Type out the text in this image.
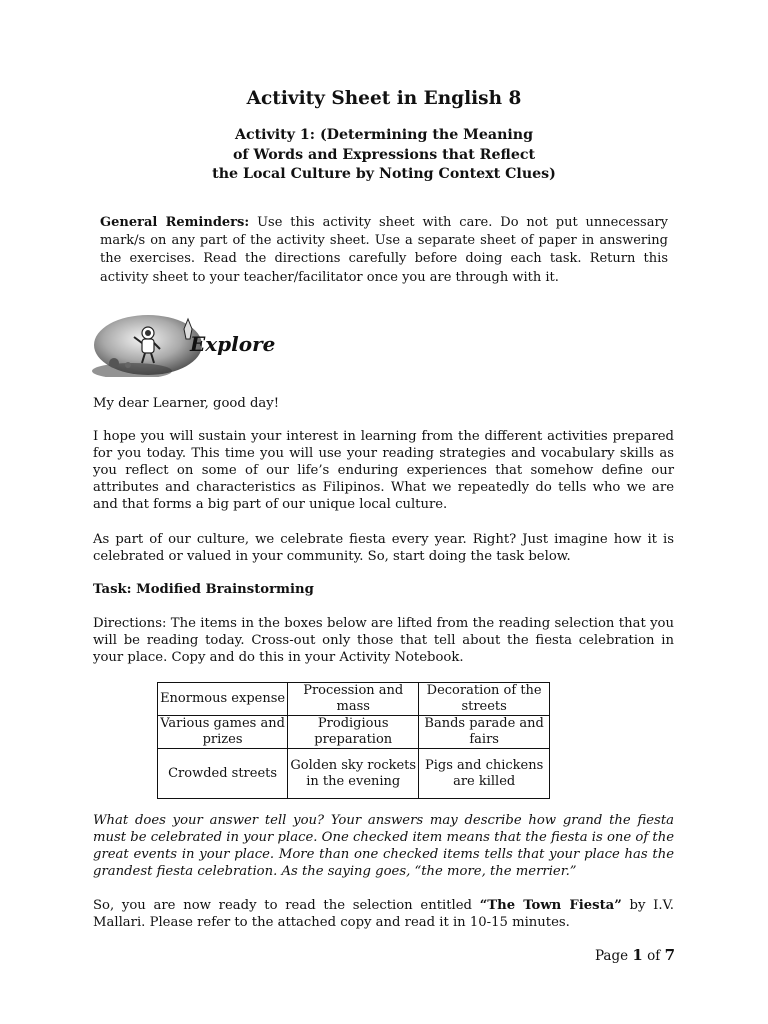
Activity Sheet in English 8
Activity 1: (Determining the Meaning
of Words and Expressions that Reflect
the Local Culture by Noting Context Clues)

General Reminders: Use this activity sheet with care. Do not put unnecessary mark/s on any part of the activity sheet. Use a separate sheet of paper in answering the exercises. Read the directions carefully before doing each task. Return this activity sheet to your teacher/facilitator once you are through with it.

Explore

My dear Learner, good day!

I hope you will sustain your interest in learning from the different activities prepared for you today. This time you will use your reading strategies and vocabulary skills as you reflect on some of our life’s enduring experiences that somehow define our attributes and characteristics as Filipinos. What we repeatedly do tells who we are and that forms a big part of our unique local culture.

As part of our culture, we celebrate fiesta every year. Right? Just imagine how it is celebrated or valued in your community. So, start doing the task below.

Task: Modified Brainstorming

Directions: The items in the boxes below are lifted from the reading selection that you will be reading today. Cross-out only those that tell about the fiesta celebration in your place. Copy and do this in your Activity Notebook.

Enormous expense	Procession and mass	Decoration of the streets
Various games and prizes	Prodigious preparation	Bands parade and fairs
Crowded streets	Golden sky rockets in the evening	Pigs and chickens are killed

What does your answer tell you? Your answers may describe how grand the fiesta must be celebrated in your place. One checked item means that the fiesta is one of the great events in your place. More than one checked items tells that your place has the grandest fiesta celebration. As the saying goes, “the more, the merrier.”

So, you are now ready to read the selection entitled “The Town Fiesta” by I.V. Mallari. Please refer to the attached copy and read it in 10-15 minutes.

Page 1 of 7
